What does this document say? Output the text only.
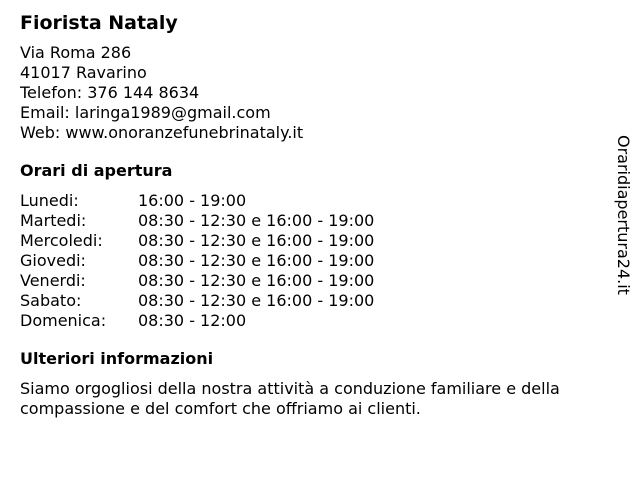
Fiorista Nataly
Via Roma 286
41017 Ravarino
Telefon: 376 144 8634
Email: laringa1989@gmail.com
Web: www.onoranzefunebrinataly.it
Orari di apertura
Lunedi:	16:00 - 19:00
Martedi:	08:30 - 12:30 e 16:00 - 19:00
Mercoledi:	08:30 - 12:30 e 16:00 - 19:00
Giovedi:	08:30 - 12:30 e 16:00 - 19:00
Venerdi:	08:30 - 12:30 e 16:00 - 19:00
Sabato:	08:30 - 12:30 e 16:00 - 19:00
Domenica:	08:30 - 12:00
Ulteriori informazioni
Siamo orgogliosi della nostra attività a conduzione familiare e della compassione e del comfort che offriamo ai clienti.
Oraridiapertura24.it
